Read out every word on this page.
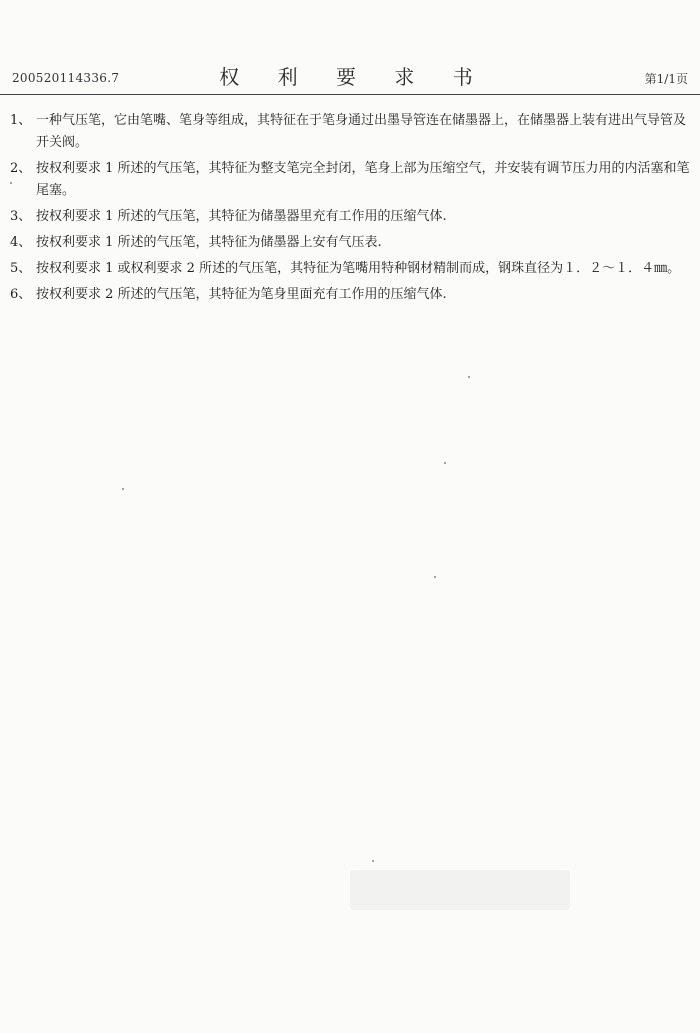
200520114336.7	权 利 要 求 书	第1/1页
1、 一种气压笔，它由笔嘴、笔身等组成，其特征在于笔身通过出墨导管连在储墨器上，在储墨器上装有进出气导管及开关阀。
2、 按权利要求 1 所述的气压笔，其特征为整支笔完全封闭，笔身上部为压缩空气，并安装有调节压力用的内活塞和笔尾塞。
3、 按权利要求 1 所述的气压笔，其特征为储墨器里充有工作用的压缩气体.
4、 按权利要求 1 所述的气压笔，其特征为储墨器上安有气压表.
5、 按权利要求 1 或权利要求 2 所述的气压笔，其特征为笔嘴用特种钢材精制而成，钢珠直径为１．２～１．４㎜。
6、 按权利要求 2 所述的气压笔，其特征为笔身里面充有工作用的压缩气体.
